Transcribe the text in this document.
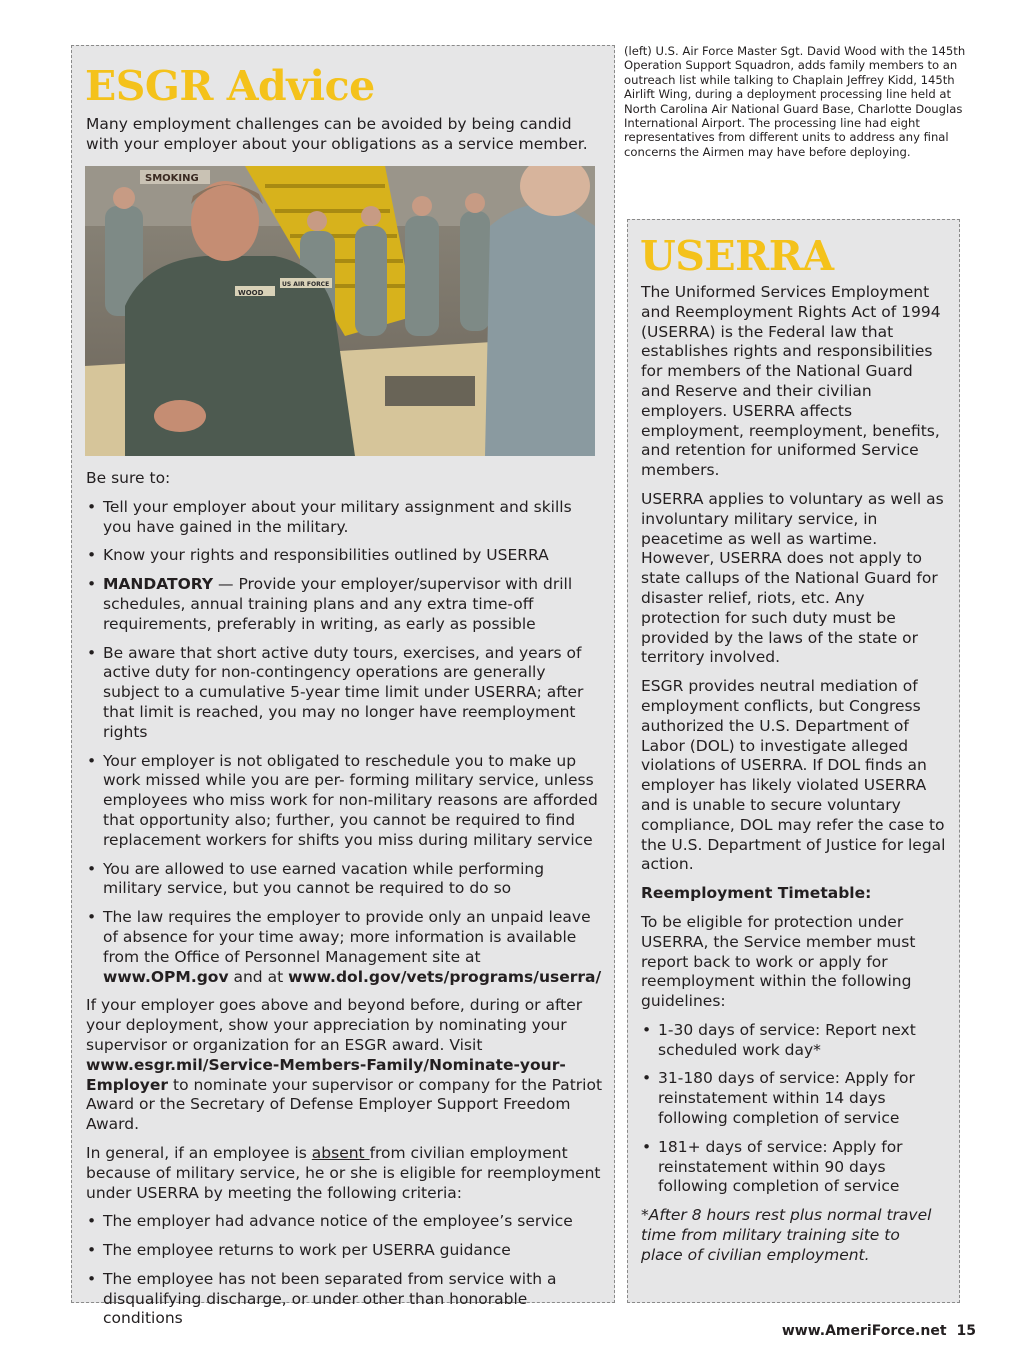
(left) U.S. Air Force Master Sgt. David Wood with the 145th Operation Support Squadron, adds family members to an outreach list while talking to Chaplain Jeffrey Kidd, 145th Airlift Wing, during a deployment processing line held at North Carolina Air National Guard Base, Charlotte Douglas International Airport. The processing line had eight representatives from different units to address any final concerns the Airmen may have before deploying.

ESGR Advice

Many employment challenges can be avoided by being candid with your employer about your obligations as a service member.

SMOKING
WOOD
US AIR FORCE

Be sure to:

• Tell your employer about your military assignment and skills you have gained in the military.
• Know your rights and responsibilities outlined by USERRA
• MANDATORY — Provide your employer/supervisor with drill schedules, annual training plans and any extra time-off requirements, preferably in writing, as early as possible
• Be aware that short active duty tours, exercises, and years of active duty for non-contingency operations are generally subject to a cumulative 5-year time limit under USERRA; after that limit is reached, you may no longer have reemployment rights
• Your employer is not obligated to reschedule you to make up work missed while you are per- forming military service, unless employees who miss work for non-military reasons are afforded that opportunity also; further, you cannot be required to find replacement workers for shifts you miss during military service
• You are allowed to use earned vacation while performing military service, but you cannot be required to do so
• The law requires the employer to provide only an unpaid leave of absence for your time away; more information is available from the Office of Personnel Management site at www.OPM.gov and at www.dol.gov/vets/programs/userra/

If your employer goes above and beyond before, during or after your deployment, show your appreciation by nominating your supervisor or organization for an ESGR award. Visit www.esgr.mil/Service-Members-Family/Nominate-your-Employer to nominate your supervisor or company for the Patriot Award or the Secretary of Defense Employer Support Freedom Award.

In general, if an employee is absent from civilian employment because of military service, he or she is eligible for reemployment under USERRA by meeting the following criteria:

• The employer had advance notice of the employee’s service
• The employee returns to work per USERRA guidance
• The employee has not been separated from service with a disqualifying discharge, or under other than honorable conditions
USERRA

The Uniformed Services Employment and Reemployment Rights Act of 1994 (USERRA) is the Federal law that establishes rights and responsibilities for members of the National Guard and Reserve and their civilian employers. USERRA affects employment, reemployment, benefits, and retention for uniformed Service members.

USERRA applies to voluntary as well as involuntary military service, in peacetime as well as wartime. However, USERRA does not apply to state callups of the National Guard for disaster relief, riots, etc. Any protection for such duty must be provided by the laws of the state or territory involved.

ESGR provides neutral mediation of employment conflicts, but Congress authorized the U.S. Department of Labor (DOL) to investigate alleged violations of USERRA. If DOL finds an employer has likely violated USERRA and is unable to secure voluntary compliance, DOL may refer the case to the U.S. Department of Justice for legal action.

Reemployment Timetable:

To be eligible for protection under USERRA, the Service member must report back to work or apply for reemployment within the following guidelines:

• 1-30 days of service: Report next scheduled work day*
• 31-180 days of service: Apply for reinstatement within 14 days following completion of service
• 181+ days of service: Apply for reinstatement within 90 days following completion of service

*After 8 hours rest plus normal travel time from military training site to place of civilian employment.

www.AmeriForce.net 15
